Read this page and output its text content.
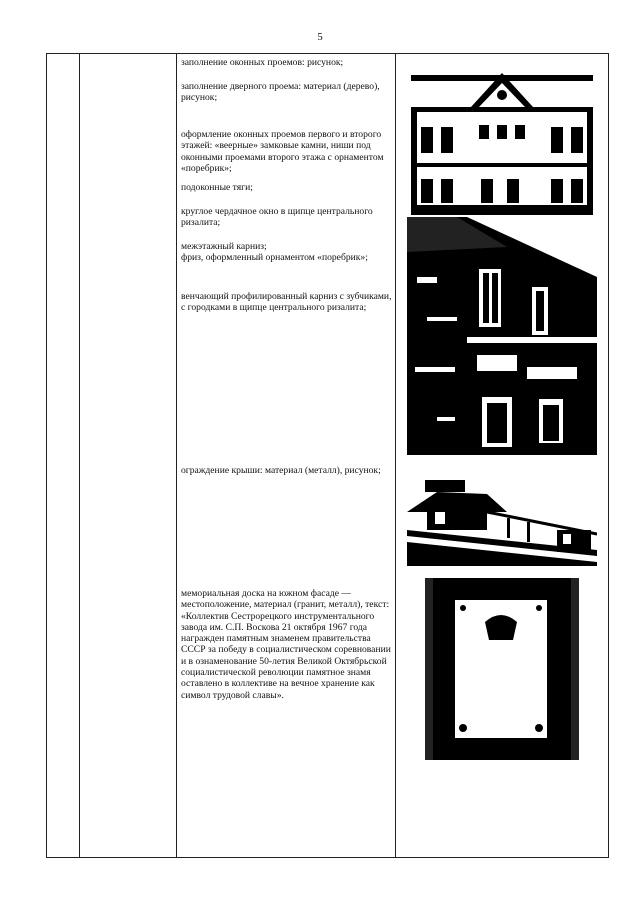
5

заполнение оконных проемов: рисунок;

заполнение дверного проема: материал (дерево), рисунок;

оформление оконных проемов первого и второго этажей: «веерные» замковые камни, ниши под оконными проемами второго этажа с орнаментом «поребрик»;

подоконные тяги;

круглое чердачное окно в щипце центрального ризалита;

межэтажный карниз;

фриз, оформленный орнаментом «поребрик»;

венчающий профилированный карниз с зубчиками, с городками в щипце центрального ризалита;

ограждение крыши: материал (металл), рисунок;

мемориальная доска на южном фасаде — местоположение, материал (гранит, металл), текст: «Коллектив Сестрорецкого инструментального завода им. С.П. Воскова 21 октября 1967 года награжден памятным знаменем правительства СССР за победу в социалистическом соревновании и в ознаменование 50-летия Великой Октябрьской социалистической революции памятное знамя оставлено в коллективе на вечное хранение как символ трудовой славы».
